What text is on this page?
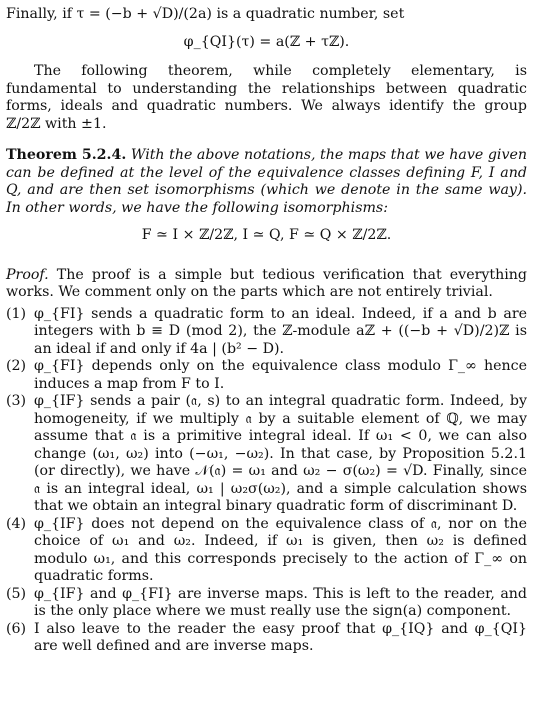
Finally, if τ = (−b + √D)/(2a) is a quadratic number, set

φ_{QI}(τ) = a(ℤ + τℤ).

The following theorem, while completely elementary, is fundamental to understanding the relationships between quadratic forms, ideals and quadratic numbers. We always identify the group ℤ/2ℤ with ±1.

Theorem 5.2.4. With the above notations, the maps that we have given can be defined at the level of the equivalence classes defining F, I and Q, and are then set isomorphisms (which we denote in the same way). In other words, we have the following isomorphisms:

F ≃ I × ℤ/2ℤ, I ≃ Q, F ≃ Q × ℤ/2ℤ.

Proof. The proof is a simple but tedious verification that everything works. We comment only on the parts which are not entirely trivial.

(1) φ_{FI} sends a quadratic form to an ideal. Indeed, if a and b are integers with b ≡ D (mod 2), the ℤ-module aℤ + ((−b + √D)/2)ℤ is an ideal if and only if 4a | (b² − D).
(2) φ_{FI} depends only on the equivalence class modulo Γ_∞ hence induces a map from F to I.
(3) φ_{IF} sends a pair (𝔞, s) to an integral quadratic form. Indeed, by homogeneity, if we multiply 𝔞 by a suitable element of ℚ, we may assume that 𝔞 is a primitive integral ideal. If ω₁ < 0, we can also change (ω₁, ω₂) into (−ω₁, −ω₂). In that case, by Proposition 5.2.1 (or directly), we have 𝒩(𝔞) = ω₁ and ω₂ − σ(ω₂) = √D. Finally, since 𝔞 is an integral ideal, ω₁ | ω₂σ(ω₂), and a simple calculation shows that we obtain an integral binary quadratic form of discriminant D.
(4) φ_{IF} does not depend on the equivalence class of 𝔞, nor on the choice of ω₁ and ω₂. Indeed, if ω₁ is given, then ω₂ is defined modulo ω₁, and this corresponds precisely to the action of Γ_∞ on quadratic forms.
(5) φ_{IF} and φ_{FI} are inverse maps. This is left to the reader, and is the only place where we must really use the sign(a) component.
(6) I also leave to the reader the easy proof that φ_{IQ} and φ_{QI} are well defined and are inverse maps.
